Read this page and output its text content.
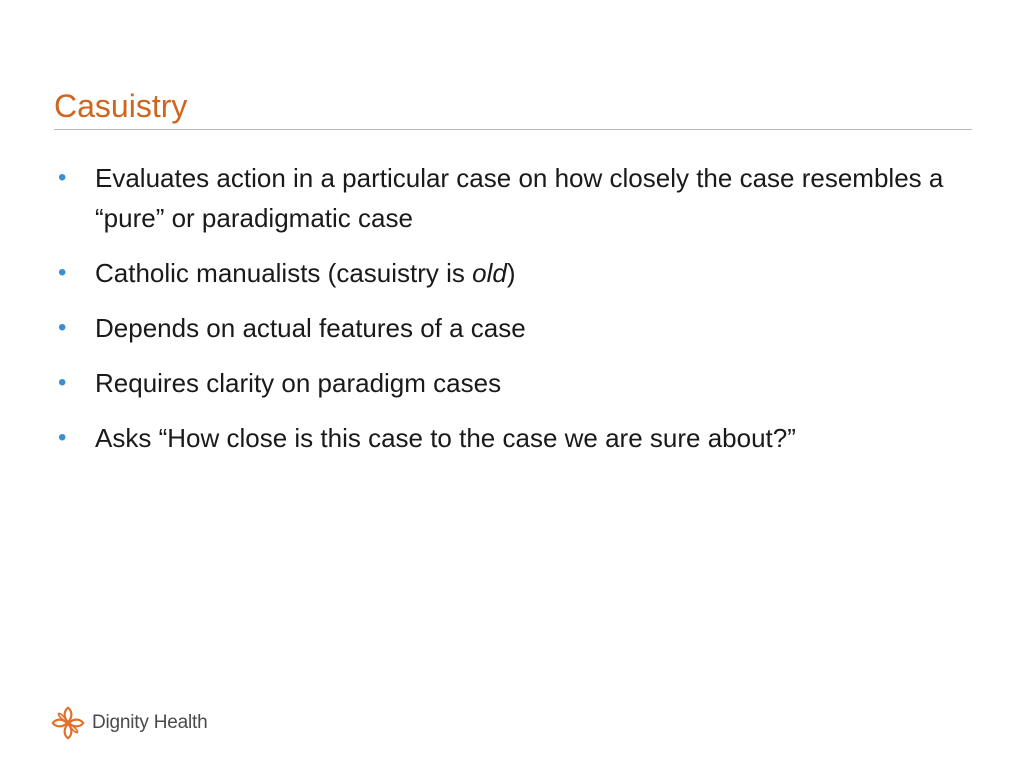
Casuistry
• Evaluates action in a particular case on how closely the case resembles a “pure” or paradigmatic case
• Catholic manualists (casuistry is old)
• Depends on actual features of a case
• Requires clarity on paradigm cases
• Asks “How close is this case to the case we are sure about?”
Dignity Health
